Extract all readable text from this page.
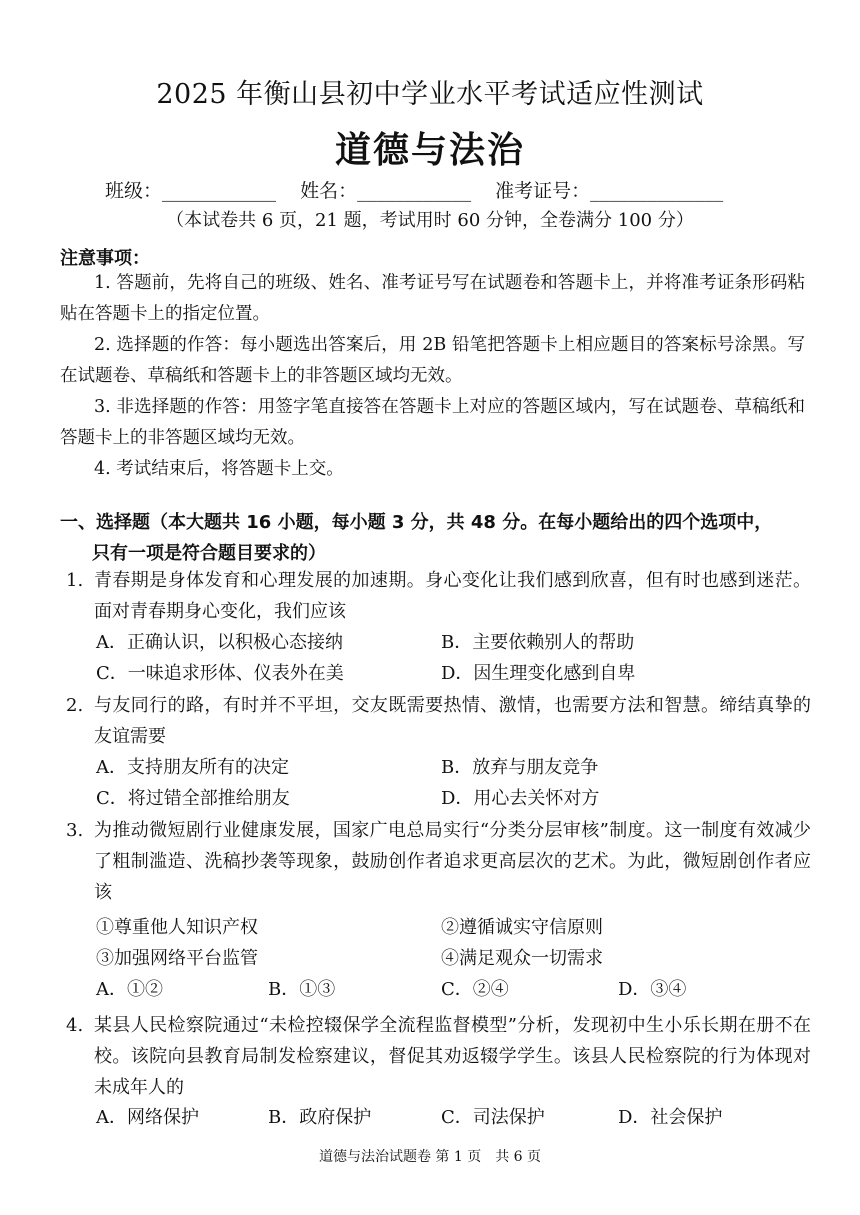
2025 年衡山县初中学业水平考试适应性测试
道德与法治
班级：____________ 姓名：____________ 准考证号：______________
（本试卷共 6 页，21 题，考试用时 60 分钟，全卷满分 100 分）
注意事项：
1. 答题前，先将自己的班级、姓名、准考证号写在试题卷和答题卡上，并将准考证条形码粘贴在答题卡上的指定位置。
2. 选择题的作答：每小题选出答案后，用 2B 铅笔把答题卡上相应题目的答案标号涂黑。写在试题卷、草稿纸和答题卡上的非答题区域均无效。
3. 非选择题的作答：用签字笔直接答在答题卡上对应的答题区域内，写在试题卷、草稿纸和答题卡上的非答题区域均无效。
4. 考试结束后，将答题卡上交。
一、选择题（本大题共 16 小题，每小题 3 分，共 48 分。在每小题给出的四个选项中，
只有一项是符合题目要求的）
1. 青春期是身体发育和心理发展的加速期。身心变化让我们感到欣喜，但有时也感到迷茫。面对青春期身心变化，我们应该
A．正确认识，以积极心态接纳	B．主要依赖别人的帮助
C．一味追求形体、仪表外在美	D．因生理变化感到自卑
2. 与友同行的路，有时并不平坦，交友既需要热情、激情，也需要方法和智慧。缔结真挚的友谊需要
A．支持朋友所有的决定	B．放弃与朋友竞争
C．将过错全部推给朋友	D．用心去关怀对方
3. 为推动微短剧行业健康发展，国家广电总局实行“分类分层审核”制度。这一制度有效减少了粗制滥造、洗稿抄袭等现象，鼓励创作者追求更高层次的艺术。为此，微短剧创作者应该
①尊重他人知识产权	②遵循诚实守信原则
③加强网络平台监管	④满足观众一切需求
A．①②	B．①③	C．②④	D．③④
4. 某县人民检察院通过“未检控辍保学全流程监督模型”分析，发现初中生小乐长期在册不在校。该院向县教育局制发检察建议，督促其劝返辍学学生。该县人民检察院的行为体现对未成年人的
A．网络保护	B．政府保护	C．司法保护	D．社会保护
道德与法治试题卷 第 1 页　共 6 页
